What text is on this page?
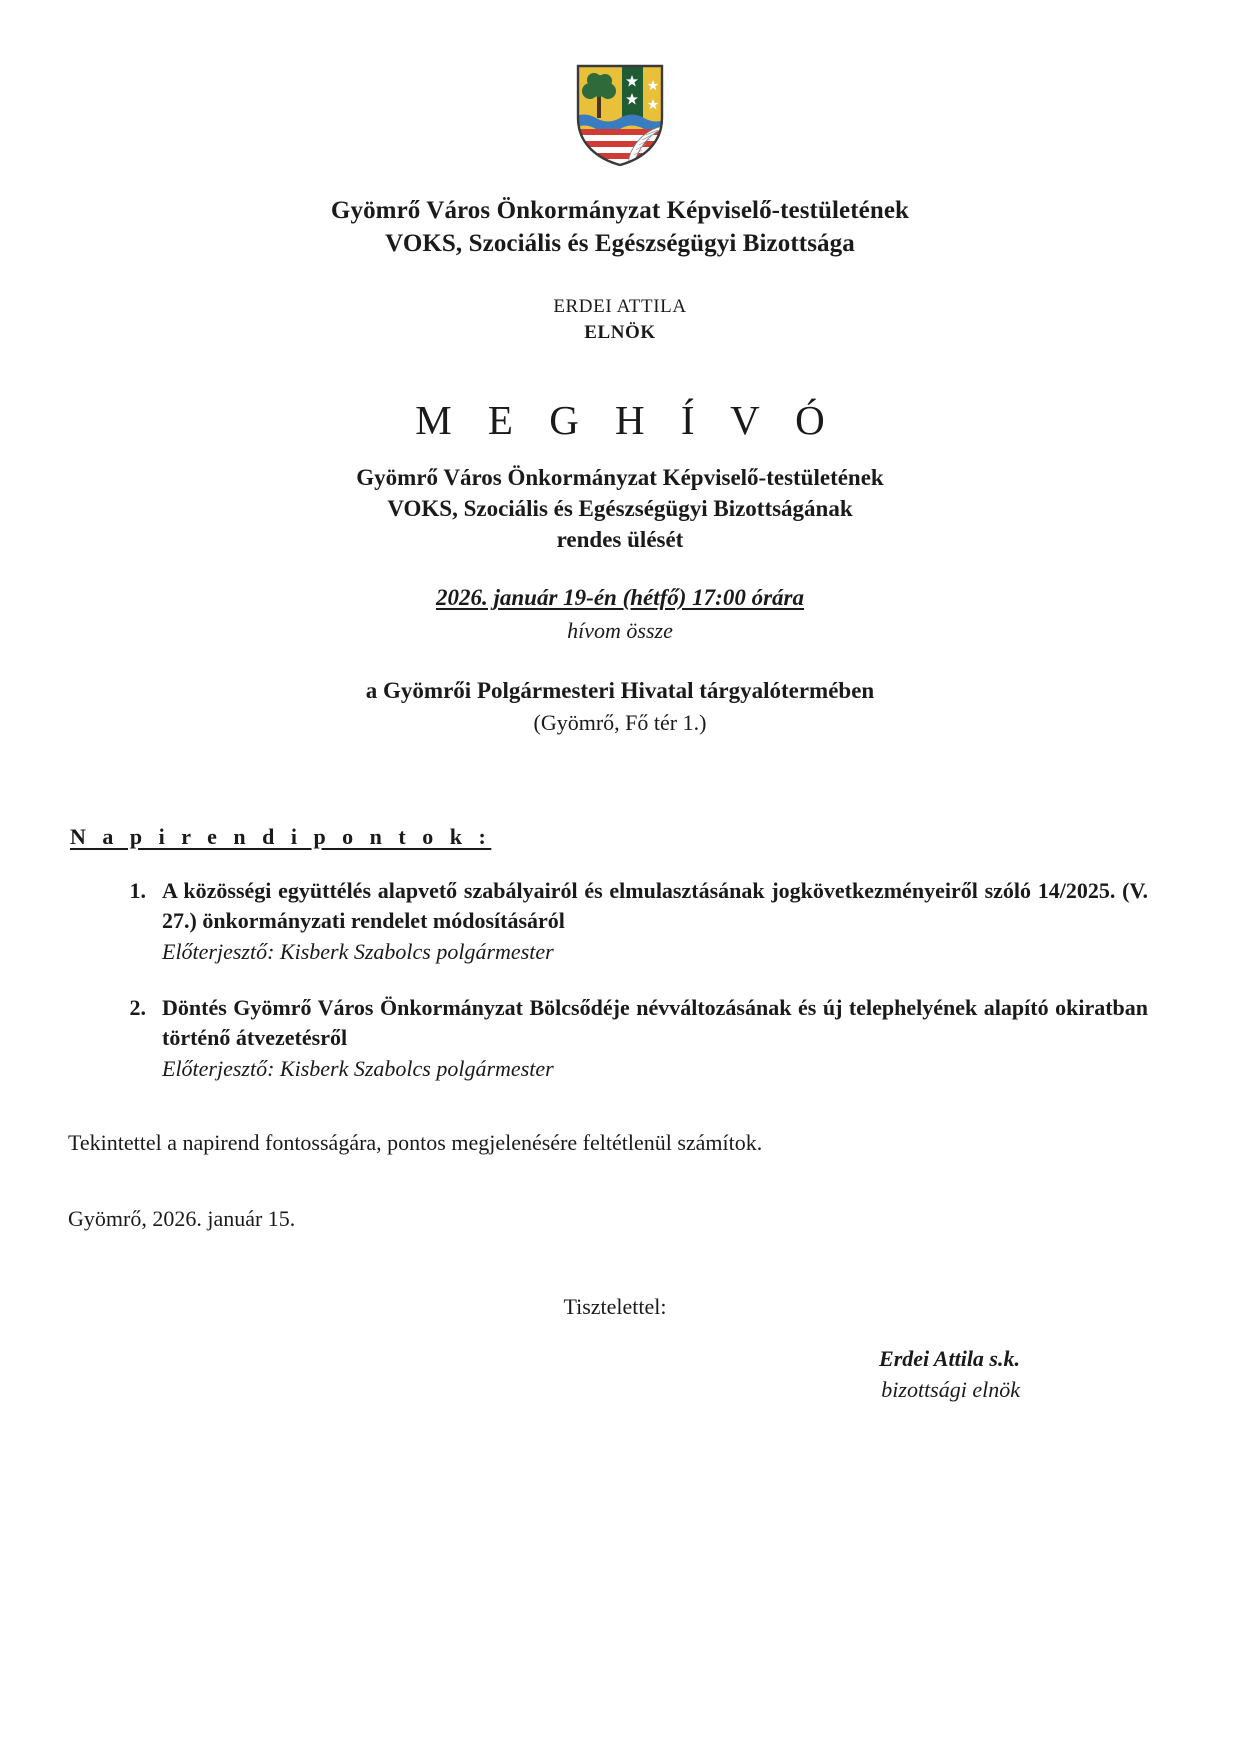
Gyömrő Város Önkormányzat Képviselő-testületének
VOKS, Szociális és Egészségügyi Bizottsága
ERDEI ATTILA
ELNÖK
M E G H Í V Ó
Gyömrő Város Önkormányzat Képviselő-testületének
VOKS, Szociális és Egészségügyi Bizottságának
rendes ülését
2026. január 19-én (hétfő) 17:00 órára
hívom össze
a Gyömrői Polgármesteri Hivatal tárgyalótermében
(Gyömrő, Fő tér 1.)
N a p i r e n d i p o n t o k :
1. A közösségi együttélés alapvető szabályairól és elmulasztásának jogkövetkezményeiről szóló 14/2025. (V. 27.) önkormányzati rendelet módosításáról
Előterjesztő: Kisberk Szabolcs polgármester
2. Döntés Gyömrő Város Önkormányzat Bölcsődéje névváltozásának és új telephelyének alapító okiratban történő átvezetésről
Előterjesztő: Kisberk Szabolcs polgármester
Tekintettel a napirend fontosságára, pontos megjelenésére feltétlenül számítok.
Gyömrő, 2026. január 15.
Tisztelettel:
Erdei Attila s.k.
bizottsági elnök
